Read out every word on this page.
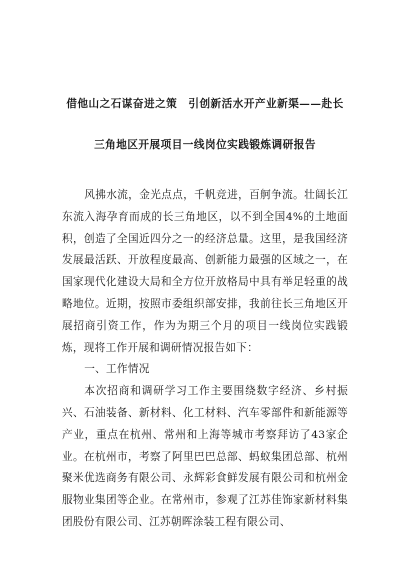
借他山之石谋奋进之策　引创新活水开产业新渠——赴长
三角地区开展项目一线岗位实践锻炼调研报告

风拂水流，金光点点，千帆竞进，百舸争流。壮阔长江东流入海孕育而成的长三角地区，以不到全国4%的土地面积，创造了全国近四分之一的经济总量。这里，是我国经济发展最活跃、开放程度最高、创新能力最强的区域之一，在国家现代化建设大局和全方位开放格局中具有举足轻重的战略地位。近期，按照市委组织部安排，我前往长三角地区开展招商引资工作，作为为期三个月的项目一线岗位实践锻炼，现将工作开展和调研情况报告如下：

一、工作情况

本次招商和调研学习工作主要围绕数字经济、乡村振兴、石油装备、新材料、化工材料、汽车零部件和新能源等产业，重点在杭州、常州和上海等城市考察拜访了43家企业。在杭州市，考察了阿里巴巴总部、蚂蚁集团总部、杭州聚米优选商务有限公司、永辉彩食鲜发展有限公司和杭州金服物业集团等企业。在常州市，参观了江苏佳饰家新材料集团股份有限公司、江苏朝晖涂装工程有限公司、
